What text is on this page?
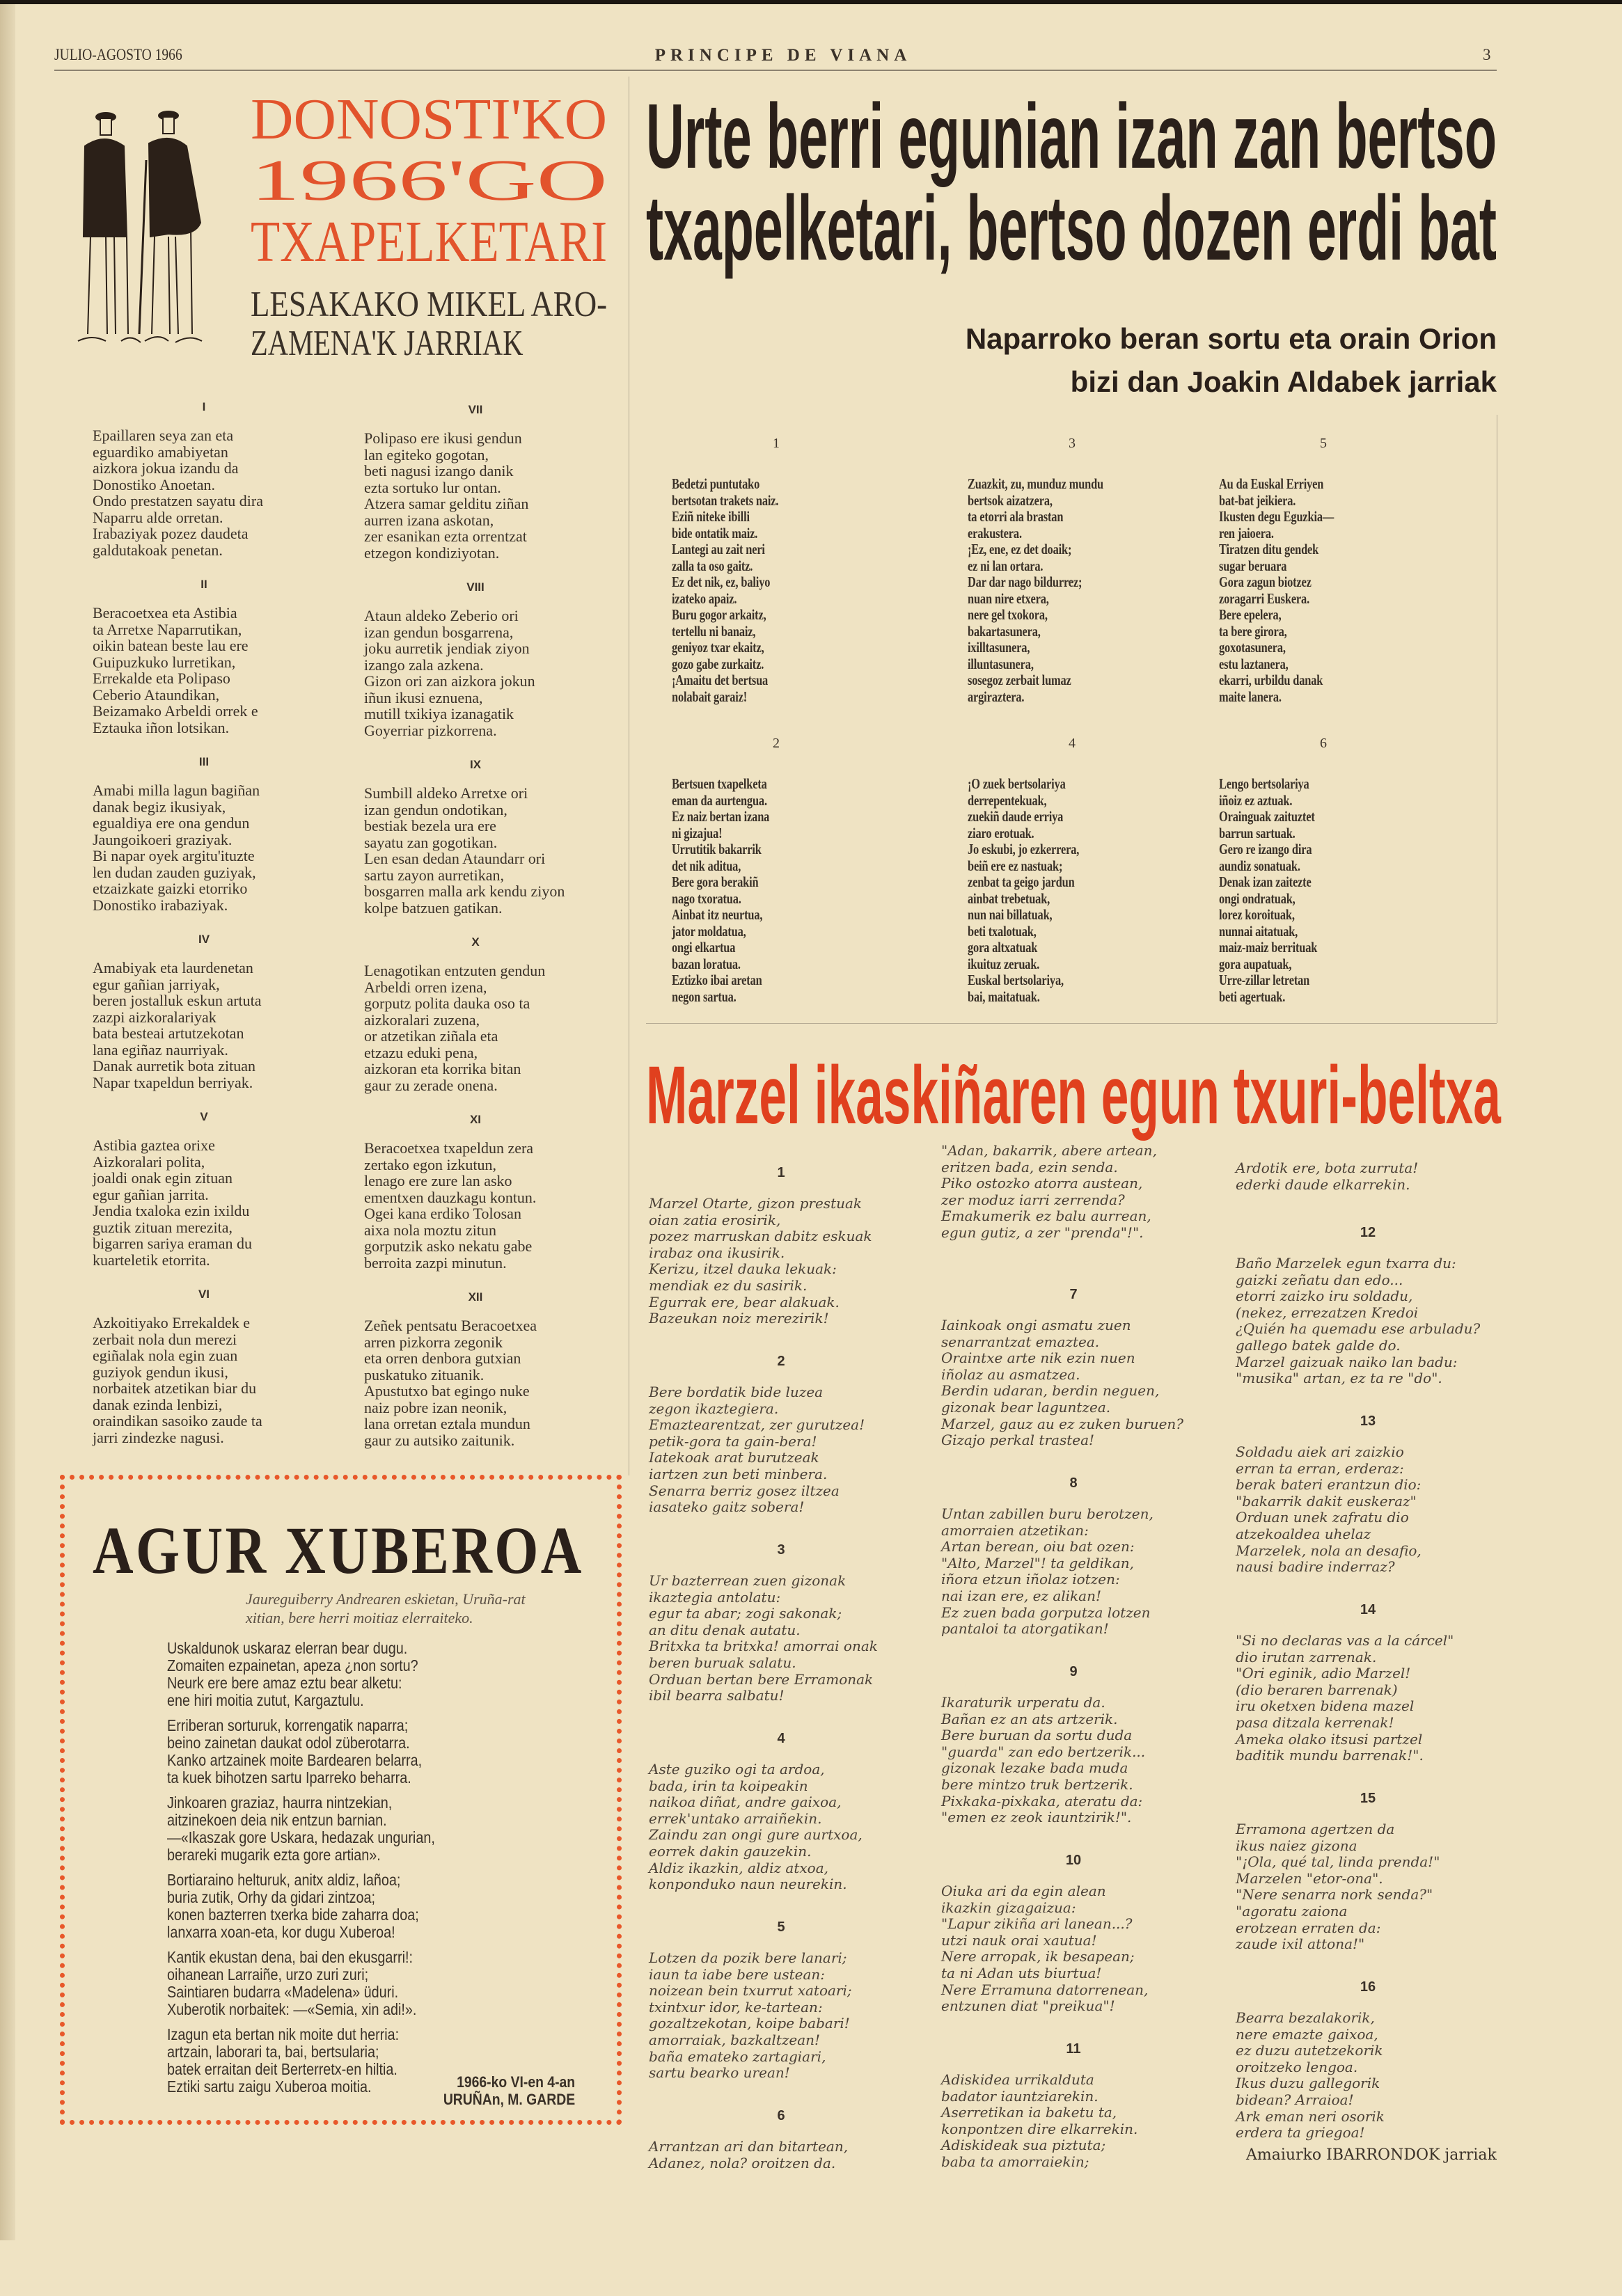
JULIO-AGOSTO 1966	PRINCIPE DE VIANA	3
DONOSTI'KO
1966'GO
TXAPELKETARI
LESAKAKO MIKEL ARO-
ZAMENA'K JARRIAK
I
Epaillaren seya zan eta
eguardiko amabiyetan
aizkora jokua izandu da
Donostiko Anoetan.
Ondo prestatzen sayatu dira
Naparru alde orretan.
Irabaziyak pozez daudeta
galdutakoak penetan.
II
Beracoetxea eta Astibia
ta Arretxe Naparrutikan,
oikin batean beste lau ere
Guipuzkuko lurretikan,
Errekalde eta Polipaso
Ceberio Ataundikan,
Beizamako Arbeldi orrek e
Eztauka iñon lotsikan.
III
Amabi milla lagun bagiñan
danak begiz ikusiyak,
egualdiya ere ona gendun
Jaungoikoeri graziyak.
Bi napar oyek argitu'ituzte
len dudan zauden guziyak,
etzaizkate gaizki etorriko
Donostiko irabaziyak.
IV
Amabiyak eta laurdenetan
egur gañian jarriyak,
beren jostalluk eskun artuta
zazpi aizkoralariyak
bata besteai artutzekotan
lana egiñaz naurriyak.
Danak aurretik bota zituan
Napar txapeldun berriyak.
V
Astibia gaztea orixe
Aizkoralari polita,
joaldi onak egin zituan
egur gañian jarrita.
Jendia txaloka ezin ixildu
guztik zituan merezita,
bigarren sariya eraman du
kuarteletik etorrita.
VI
Azkoitiyako Errekaldek e
zerbait nola dun merezi
egiñalak nola egin zuan
guziyok gendun ikusi,
norbaitek atzetikan biar du
danak ezinda lenbizi,
oraindikan sasoiko zaude ta
jarri zindezke nagusi.
VII
Polipaso ere ikusi gendun
lan egiteko gogotan,
beti nagusi izango danik
ezta sortuko lur ontan.
Atzera samar gelditu ziñan
aurren izana askotan,
zer esanikan ezta orrentzat
etzegon kondiziyotan.
VIII
Ataun aldeko Zeberio ori
izan gendun bosgarrena,
joku aurretik jendiak ziyon
izango zala azkena.
Gizon ori zan aizkora jokun
iñun ikusi eznuena,
mutill txikiya izanagatik
Goyerriar pizkorrena.
IX
Sumbill aldeko Arretxe ori
izan gendun ondotikan,
bestiak bezela ura ere
sayatu zan gogotikan.
Len esan dedan Ataundarr ori
sartu zayon aurretikan,
bosgarren malla ark kendu ziyon
kolpe batzuen gatikan.
X
Lenagotikan entzuten gendun
Arbeldi orren izena,
gorputz polita dauka oso ta
aizkoralari zuzena,
or atzetikan ziñala eta
etzazu eduki pena,
aizkoran eta korrika bitan
gaur zu zerade onena.
XI
Beracoetxea txapeldun zera
zertako egon izkutun,
lenago ere zure lan asko
ementxen dauzkagu kontun.
Ogei kana erdiko Tolosan
aixa nola moztu zitun
gorputzik asko nekatu gabe
berroita zazpi minutun.
XII
Zeñek pentsatu Beracoetxea
arren pizkorra zegonik
eta orren denbora gutxian
puskatuko zituanik.
Apustutxo bat egingo nuke
naiz pobre izan neonik,
lana orretan eztala mundun
gaur zu autsiko zaitunik.
AGUR XUBEROA
Jaureguiberry Andrearen eskietan, Uruña-rat
xitian, bere herri moitiaz elerraiteko.
Uskaldunok uskaraz elerran bear dugu.
Zomaiten ezpainetan, apeza ¿non sortu?
Neurk ere bere amaz eztu bear alketu:
ene hiri moitia zutut, Kargaztulu.
Erriberan sorturuk, korrengatik naparra;
beino zainetan daukat odol züberotarra.
Kanko artzainek moite Bardearen belarra,
ta kuek bihotzen sartu Iparreko beharra.
Jinkoaren graziaz, haurra nintzekian,
aitzinekoen deia nik entzun barnian.
—«Ikaszak gore Uskara, hedazak ungurian,
berareki mugarik ezta gore artian».
Bortiaraino helturuk, anitx aldiz, lañoa;
buria zutik, Orhy da gidari zintzoa;
konen bazterren txerka bide zaharra doa;
lanxarra xoan-eta, kor dugu Xuberoa!
Kantik ekustan dena, bai den ekusgarri!:
oihanean Larraiñe, urzo zuri zuri;
Saintiaren budarra «Madelena» üduri.
Xuberotik norbaitek: —«Semia, xin adi!».
Izagun eta bertan nik moite dut herria:
artzain, laborari ta, bai, bertsularia;
batek erraitan deit Berterretx-en hiltia.
Eztiki sartu zaigu Xuberoa moitia.	1966-ko VI-en 4-an
URUÑAn, M. GARDE
Urte berri egunian izan zan bertso
txapelketari, bertso dozen erdi bat
Naparroko beran sortu eta orain Orion
bizi dan Joakin Aldabek jarriak
1
Bedetzi puntutako
bertsotan trakets naiz.
Eziñ niteke ibilli
bide ontatik maiz.
Lantegi au zait neri
zalla ta oso gaitz.
Ez det nik, ez, baliyo
izateko apaiz.
Buru gogor arkaitz,
tertellu ni banaiz,
geniyoz txar ekaitz,
gozo gabe zurkaitz.
¡Amaitu det bertsua
nolabait garaiz!
2
Bertsuen txapelketa
eman da aurtengua.
Ez naiz bertan izana
ni gizajua!
Urrutitik bakarrik
det nik aditua,
Bere gora berakiñ
nago txoratua.
Ainbat itz neurtua,
jator moldatua,
ongi elkartua
bazan loratua.
Eztizko ibai aretan
negon sartua.
3
Zuazkit, zu, munduz mundu
bertsok aizatzera,
ta etorri ala brastan
erakustera.
¡Ez, ene, ez det doaik;
ez ni lan ortara.
Dar dar nago bildurrez;
nuan nire etxera,
nere gel txokora,
bakartasunera,
ixilltasunera,
illuntasunera,
sosegoz zerbait lumaz
argiraztera.
4
¡O zuek bertsolariya
derrepentekuak,
zuekiñ daude erriya
ziaro erotuak.
Jo eskubi, jo ezkerrera,
beiñ ere ez nastuak;
zenbat ta geigo jardun
ainbat trebetuak,
nun nai billatuak,
beti txalotuak,
gora altxatuak
ikuituz zeruak.
Euskal bertsolariya,
bai, maitatuak.
5
Au da Euskal Erriyen
bat-bat jeikiera.
Ikusten degu Eguzkia—
ren jaioera.
Tiratzen ditu gendek
sugar beruara
Gora zagun biotzez
zoragarri Euskera.
Bere epelera,
ta bere girora,
goxotasunera,
estu laztanera,
ekarri, urbildu danak
maite lanera.
6
Lengo bertsolariya
iñoiz ez aztuak.
Orainguak zaituztet
barrun sartuak.
Gero re izango dira
aundiz sonatuak.
Denak izan zaitezte
ongi ondratuak,
lorez koroituak,
nunnai aitatuak,
maiz-maiz berrituak
gora aupatuak,
Urre-zillar letretan
beti agertuak.
Marzel ikaskiñaren egun txuri-beltxa
1
Marzel Otarte, gizon prestuak
oian zatia erosirik,
pozez marruskan dabitz eskuak
irabaz ona ikusirik.
Kerizu, itzel dauka lekuak:
mendiak ez du sasirik.
Egurrak ere, bear alakuak.
Bazeukan noiz merezirik!
2
Bere bordatik bide luzea
zegon ikaztegiera.
Emaztearentzat, zer gurutzea!
petik-gora ta gain-bera!
Iatekoak arat burutzeak
iartzen zun beti minbera.
Senarra berriz gosez iltzea
iasateko gaitz sobera!
3
Ur bazterrean zuen gizonak
ikaztegia antolatu:
egur ta abar; zogi sakonak;
an ditu denak autatu.
Britxka ta britxka! amorrai onak
beren buruak salatu.
Orduan bertan bere Erramonak
ibil bearra salbatu!
4
Aste guziko ogi ta ardoa,
bada, irin ta koipeakin
naikoa diñat, andre gaixoa,
errek'untako arraiñekin.
Zaindu zan ongi gure aurtxoa,
eorrek dakin gauzekin.
Aldiz ikazkin, aldiz atxoa,
konponduko naun neurekin.
5
Lotzen da pozik bere lanari;
iaun ta iabe bere ustean:
noizean bein txurrut xatoari;
txintxur idor, ke-tartean:
gozaltzekotan, koipe babari!
amorraiak, bazkaltzean!
baña emateko zartagiari,
sartu bearko urean!
6
Arrantzan ari dan bitartean,
Adanez, nola? oroitzen da.
"Adan, bakarrik, abere artean,
eritzen bada, ezin senda.
Piko ostozko atorra austean,
zer moduz iarri zerrenda?
Emakumerik ez balu aurrean,
egun gutiz, a zer "prenda"!".
7
Iainkoak ongi asmatu zuen
senarrantzat emaztea.
Oraintxe arte nik ezin nuen
iñolaz au asmatzea.
Berdin udaran, berdin neguen,
gizonak bear laguntzea.
Marzel, gauz au ez zuken buruen?
Gizajo perkal trastea!
8
Untan zabillen buru berotzen,
amorraien atzetikan:
Artan berean, oiu bat ozen:
"Alto, Marzel"! ta geldikan,
iñora etzun iñolaz iotzen:
nai izan ere, ez alikan!
Ez zuen bada gorputza lotzen
pantaloi ta atorgatikan!
9
Ikaraturik urperatu da.
Bañan ez an ats artzerik.
Bere buruan da sortu duda
"guarda" zan edo bertzerik...
gizonak lezake bada muda
bere mintzo truk bertzerik.
Pixkaka-pixkaka, ateratu da:
"emen ez zeok iauntzirik!".
10
Oiuka ari da egin alean
ikazkin gizagaizua:
"Lapur zikiña ari lanean...?
utzi nauk orai xautua!
Nere arropak, ik besapean;
ta ni Adan uts biurtua!
Nere Erramuna datorrenean,
entzunen diat "preikua"!
11
Adiskidea urrikalduta
badator iauntziarekin.
Aserretikan ia baketu ta,
konpontzen dire elkarrekin.
Adiskideak sua piztuta;
baba ta amorraiekin;
Ardotik ere, bota zurruta!
ederki daude elkarrekin.
12
Baño Marzelek egun txarra du:
gaizki zeñatu dan edo...
etorri zaizko iru soldadu,
(nekez, errezatzen Kredoi
¿Quién ha quemadu ese arbuladu?
gallego batek galde do.
Marzel gaizuak naiko lan badu:
"musika" artan, ez ta re "do".
13
Soldadu aiek ari zaizkio
erran ta erran, erderaz:
berak bateri erantzun dio:
"bakarrik dakit euskeraz"
Orduan unek zafratu dio
atzekoaldea uhelaz
Marzelek, nola an desafio,
nausi badire inderraz?
14
"Si no declaras vas a la cárcel"
dio irutan zarrenak.
"Ori eginik, adio Marzel!
(dio beraren barrenak)
iru oketxen bidena mazel
pasa ditzala kerrenak!
Ameka olako itsusi partzel
baditik mundu barrenak!".
15
Erramona agertzen da
ikus naiez gizona
"¡Ola, qué tal, linda prenda!"
Marzelen "etor-ona".
"Nere senarra nork senda?"
"agoratu zaiona
erotzean erraten da:
zaude ixil attona!"
16
Bearra bezalakorik,
nere emazte gaixoa,
ez duzu autetzekorik
oroitzeko lengoa.
Ikus duzu gallegorik
bidean? Arraioa!
Ark eman neri osorik
erdera ta griegoa!
Amaiurko IBARRONDOK jarriak
